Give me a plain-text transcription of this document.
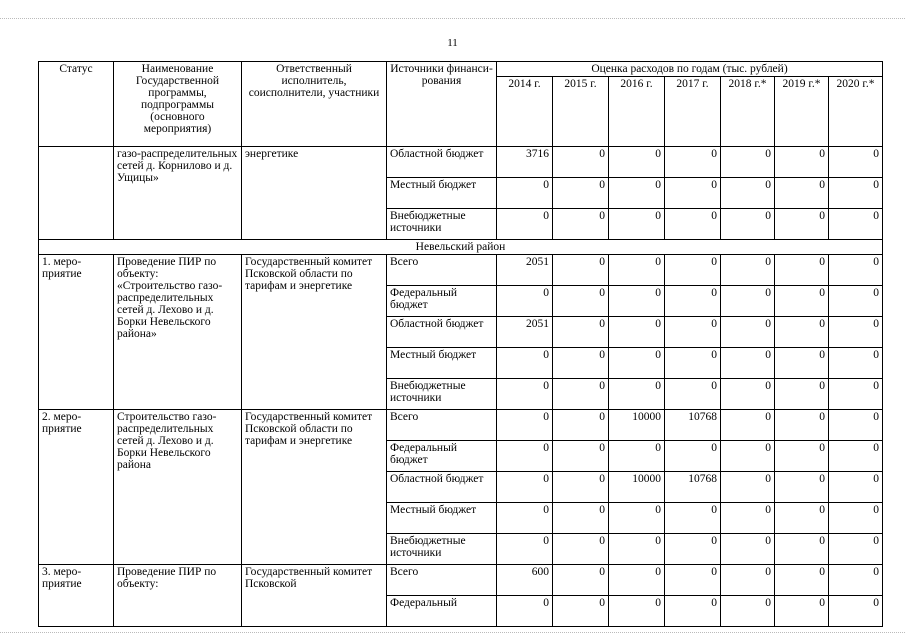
11
Статус	Наименование Государственной программы, подпрограммы (основного мероприятия)	Ответственный исполнитель, соисполнители, участники	Источники финанси-рования	Оценка расходов по годам (тыс. рублей)						
				2014 г.	2015 г.	2016 г.	2017 г.	2018 г.*	2019 г.*	2020 г.*
	газо-распределительных сетей д. Корнилово и д. Ущицы»	энергетике	Областной бюджет	3716	0	0	0	0	0	0
			Местный бюджет	0	0	0	0	0	0	0
			Внебюджетные источники	0	0	0	0	0	0	0
Невельский район										
1. меро-приятие	Проведение ПИР по объекту: «Строительство газо-распределительных сетей д. Лехово и д. Борки Невельского района»	Государственный комитет Псковской области по тарифам и энергетике	Всего	2051	0	0	0	0	0	0
			Федеральный бюджет	0	0	0	0	0	0	0
			Областной бюджет	2051	0	0	0	0	0	0
			Местный бюджет	0	0	0	0	0	0	0
			Внебюджетные источники	0	0	0	0	0	0	0
2. меро-приятие	Строительство газо-распределительных сетей д. Лехово и д. Борки Невельского района	Государственный комитет Псковской области по тарифам и энергетике	Всего	0	0	10000	10768	0	0	0
			Федеральный бюджет	0	0	0	0	0	0	0
			Областной бюджет	0	0	10000	10768	0	0	0
			Местный бюджет	0	0	0	0	0	0	0
			Внебюджетные источники	0	0	0	0	0	0	0
3. меро-приятие	Проведение ПИР по объекту:	Государственный комитет Псковской	Всего	600	0	0	0	0	0	0
			Федеральный	0	0	0	0	0	0	0
